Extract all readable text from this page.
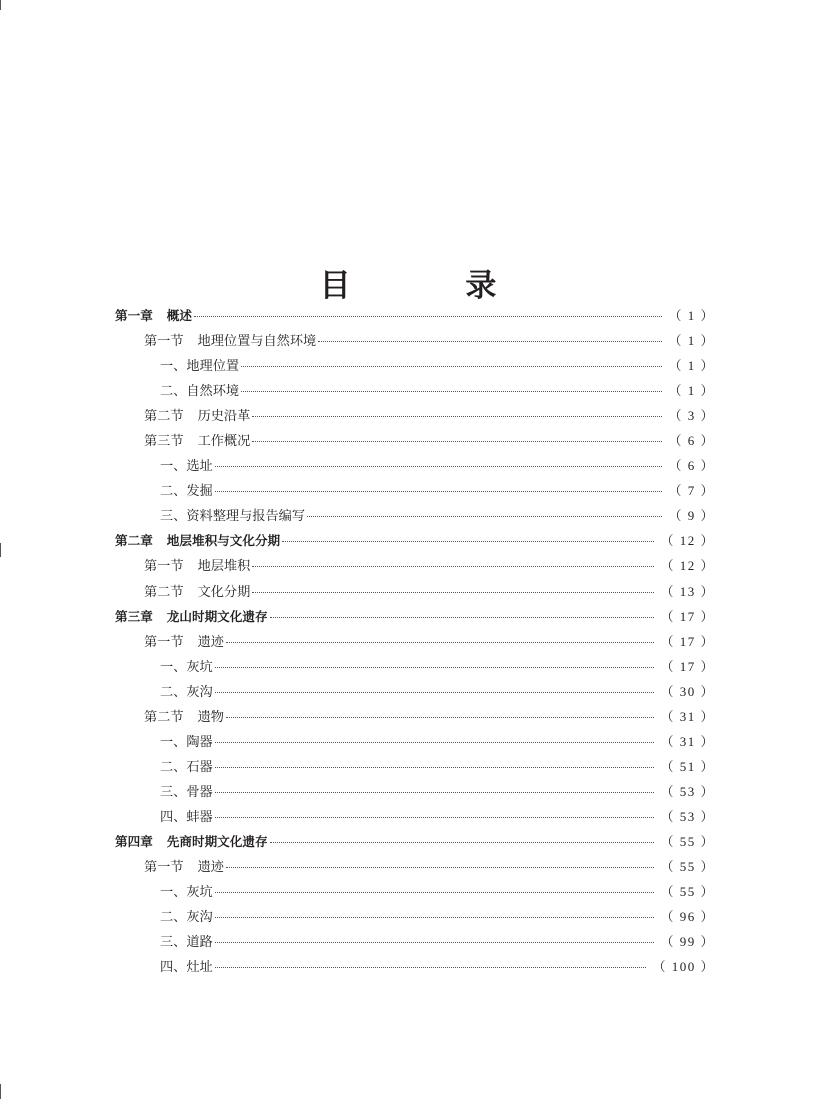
目 录
第一章 概述	（ 1 ）
第一节 地理位置与自然环境	（ 1 ）
一、地理位置	（ 1 ）
二、自然环境	（ 1 ）
第二节 历史沿革	（ 3 ）
第三节 工作概况	（ 6 ）
一、选址	（ 6 ）
二、发掘	（ 7 ）
三、资料整理与报告编写	（ 9 ）
第二章 地层堆积与文化分期	（ 12 ）
第一节 地层堆积	（ 12 ）
第二节 文化分期	（ 13 ）
第三章 龙山时期文化遗存	（ 17 ）
第一节 遗迹	（ 17 ）
一、灰坑	（ 17 ）
二、灰沟	（ 30 ）
第二节 遗物	（ 31 ）
一、陶器	（ 31 ）
二、石器	（ 51 ）
三、骨器	（ 53 ）
四、蚌器	（ 53 ）
第四章 先商时期文化遗存	（ 55 ）
第一节 遗迹	（ 55 ）
一、灰坑	（ 55 ）
二、灰沟	（ 96 ）
三、道路	（ 99 ）
四、灶址	（ 100 ）
